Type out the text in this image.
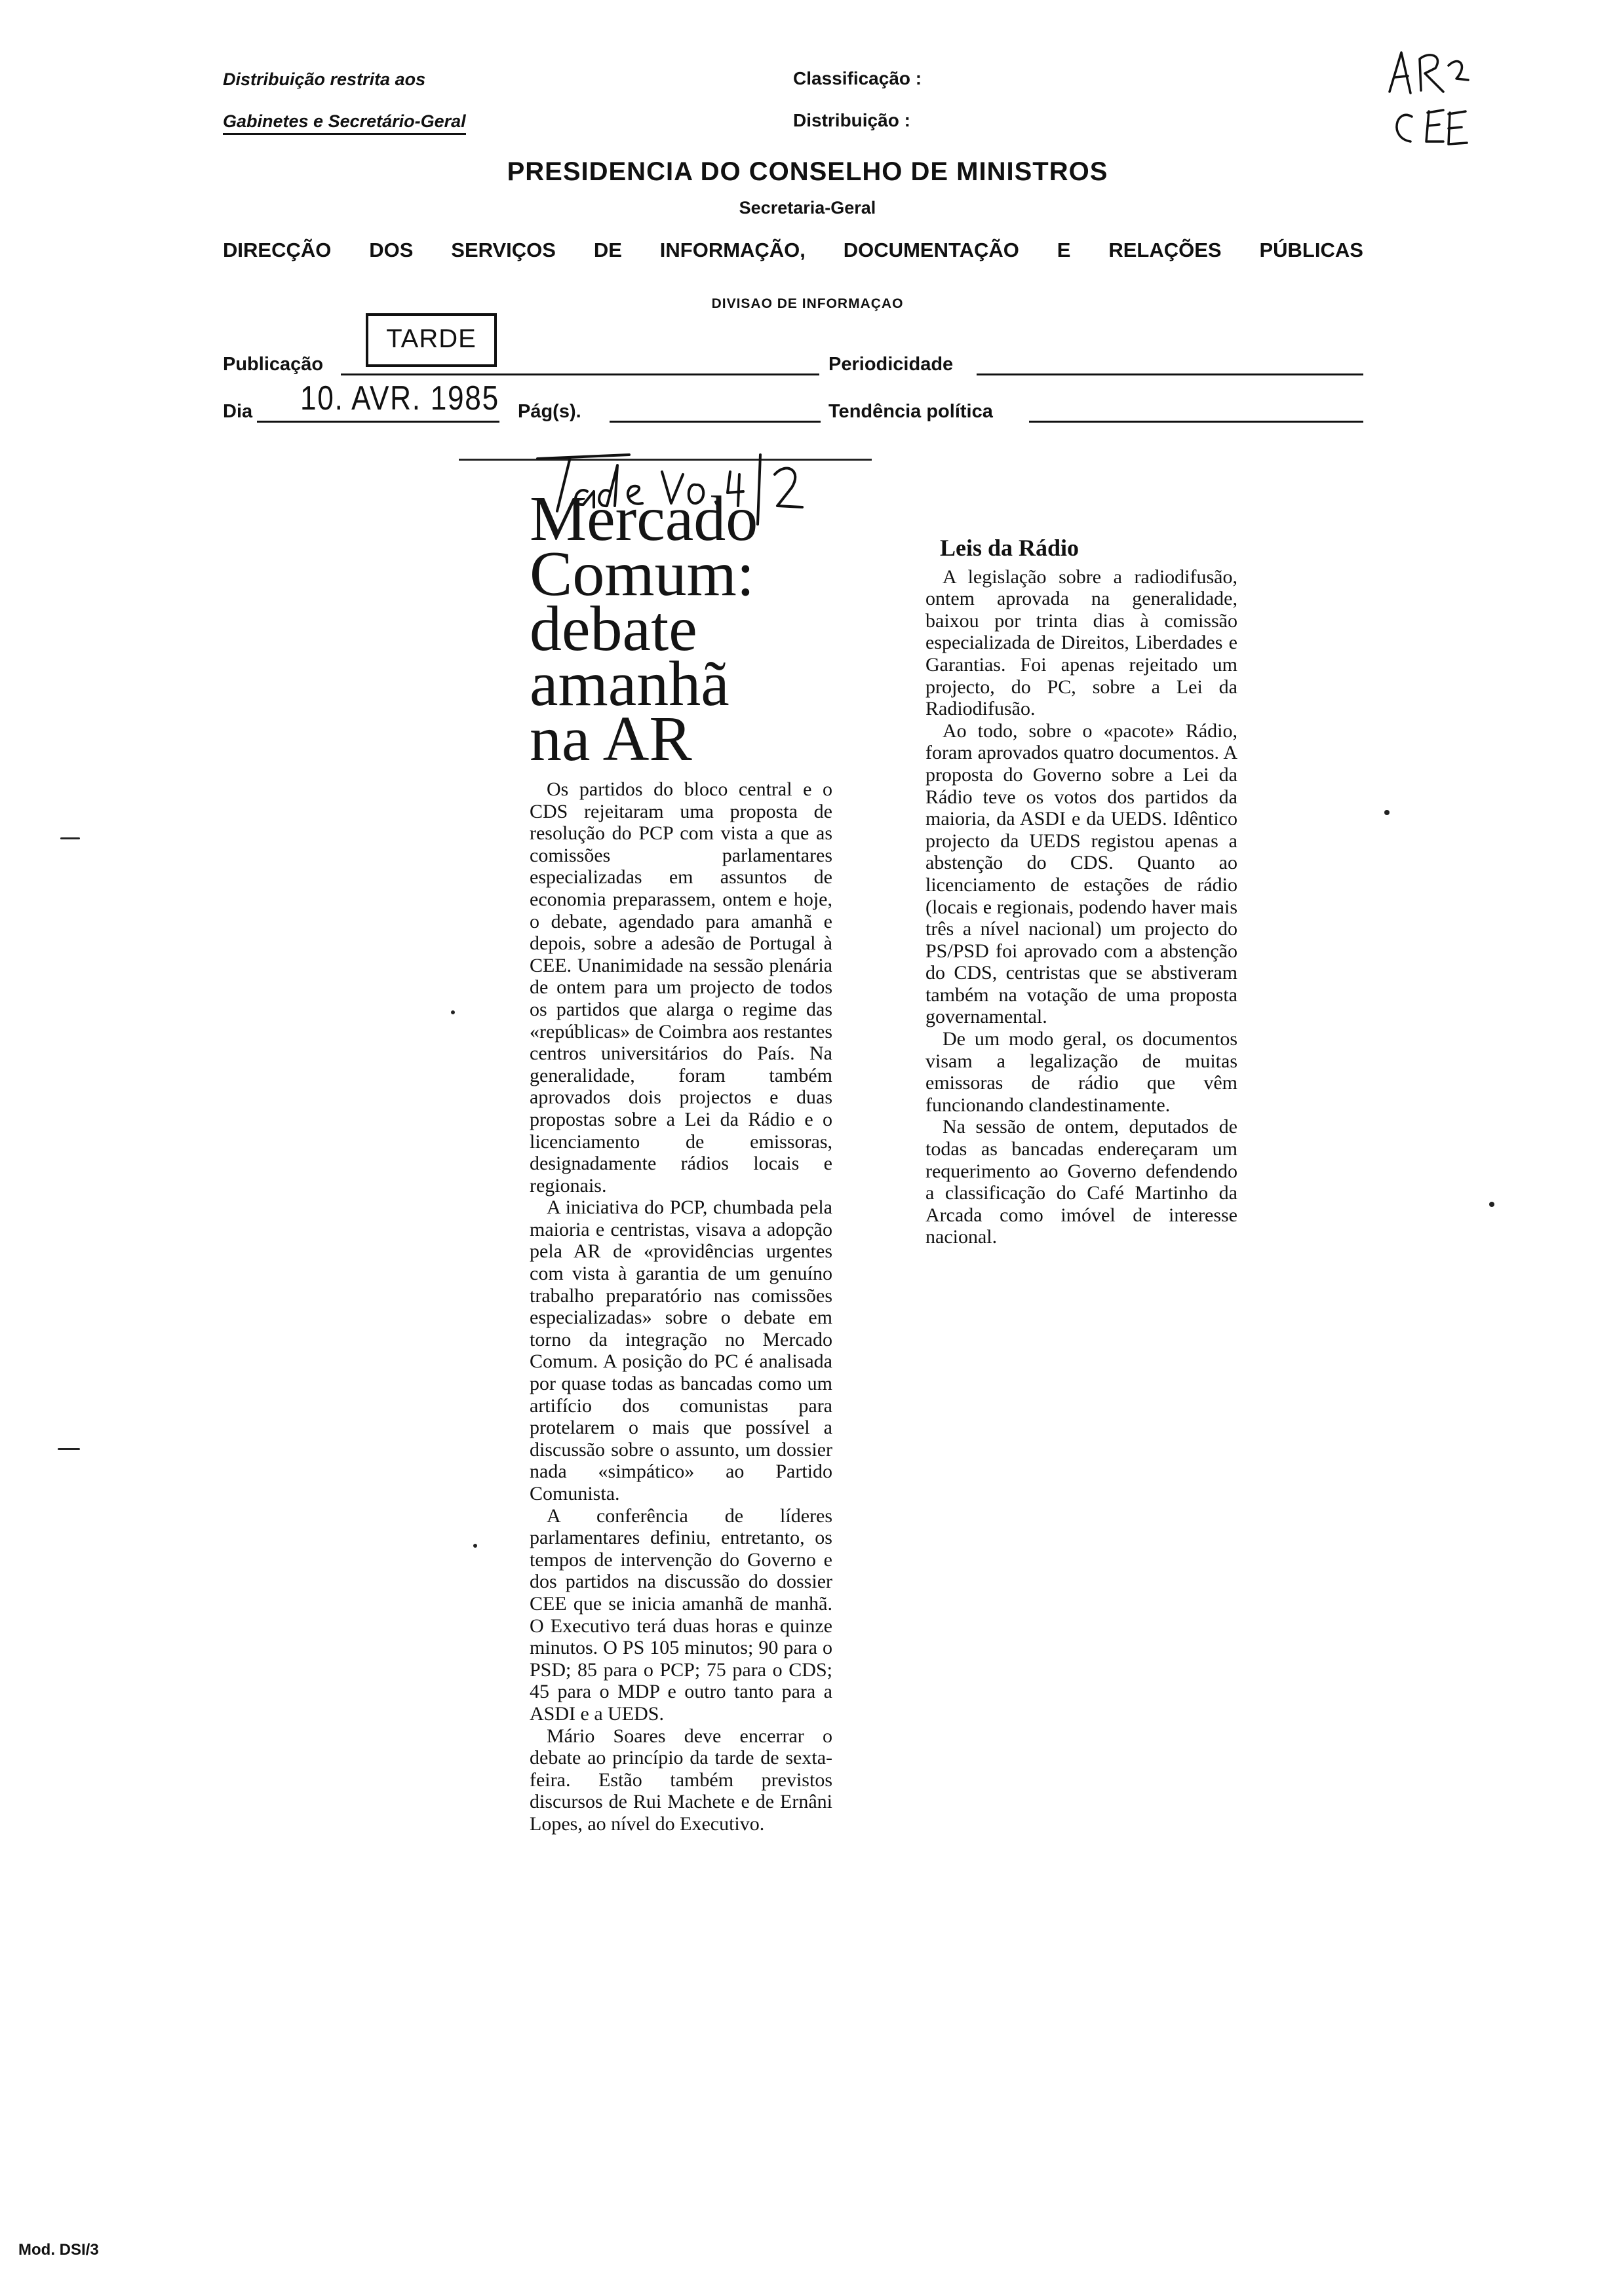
Distribuição restrita aos
Gabinetes e Secretário-Geral
Classificação :
Distribuição :
PRESIDENCIA DO CONSELHO DE MINISTROS
Secretaria-Geral
DIRECÇÃO DOS SERVIÇOS DE INFORMAÇÃO, DOCUMENTAÇÃO E RELAÇÕES PÚBLICAS
DIVISAO DE INFORMAÇAO
Publicação
TARDE
Periodicidade
Dia 10. AVR. 1985 Pág(s).	Tendência política
Mercado
Comum:
debate
amanhã
na AR

Os partidos do bloco central e o CDS rejeitaram uma proposta de resolução do PCP com vista a que as comissões parlamentares especializadas em assuntos de economia preparassem, ontem e hoje, o debate, agendado para amanhã e depois, sobre a adesão de Portugal à CEE. Unanimidade na sessão plenária de ontem para um projecto de todos os partidos que alarga o regime das «repúblicas» de Coimbra aos restantes centros universitários do País. Na generalidade, foram também aprovados dois projectos e duas propostas sobre a Lei da Rádio e o licenciamento de emissoras, designadamente rádios locais e regionais.

A iniciativa do PCP, chumbada pela maioria e centristas, visava a adopção pela AR de «providências urgentes com vista à garantia de um genuíno trabalho preparatório nas comissões especializadas» sobre o debate em torno da integração no Mercado Comum. A posição do PC é analisada por quase todas as bancadas como um artifício dos comunistas para protelarem o mais que possível a discussão sobre o assunto, um dossier nada «simpático» ao Partido Comunista.

A conferência de líderes parlamentares definiu, entretanto, os tempos de intervenção do Governo e dos partidos na discussão do dossier CEE que se inicia amanhã de manhã. O Executivo terá duas horas e quinze minutos. O PS 105 minutos; 90 para o PSD; 85 para o PCP; 75 para o CDS; 45 para o MDP e outro tanto para a ASDI e a UEDS.

Mário Soares deve encerrar o debate ao princípio da tarde de sexta-feira. Estão também previstos discursos de Rui Machete e de Ernâni Lopes, ao nível do Executivo.

Leis da Rádio

A legislação sobre a radiodifusão, ontem aprovada na generalidade, baixou por trinta dias à comissão especializada de Direitos, Liberdades e Garantias. Foi apenas rejeitado um projecto, do PC, sobre a Lei da Radiodifusão.

Ao todo, sobre o «pacote» Rádio, foram aprovados quatro documentos. A proposta do Governo sobre a Lei da Rádio teve os votos dos partidos da maioria, da ASDI e da UEDS. Idêntico projecto da UEDS registou apenas a abstenção do CDS. Quanto ao licenciamento de estações de rádio (locais e regionais, podendo haver mais três a nível nacional) um projecto do PS/PSD foi aprovado com a abstenção do CDS, centristas que se abstiveram também na votação de uma proposta governamental.

De um modo geral, os documentos visam a legalização de muitas emissoras de rádio que vêm funcionando clandestinamente.

Na sessão de ontem, deputados de todas as bancadas endereçaram um requerimento ao Governo defendendo a classificação do Café Martinho da Arcada como imóvel de interesse nacional.

Mod. DSI/3
